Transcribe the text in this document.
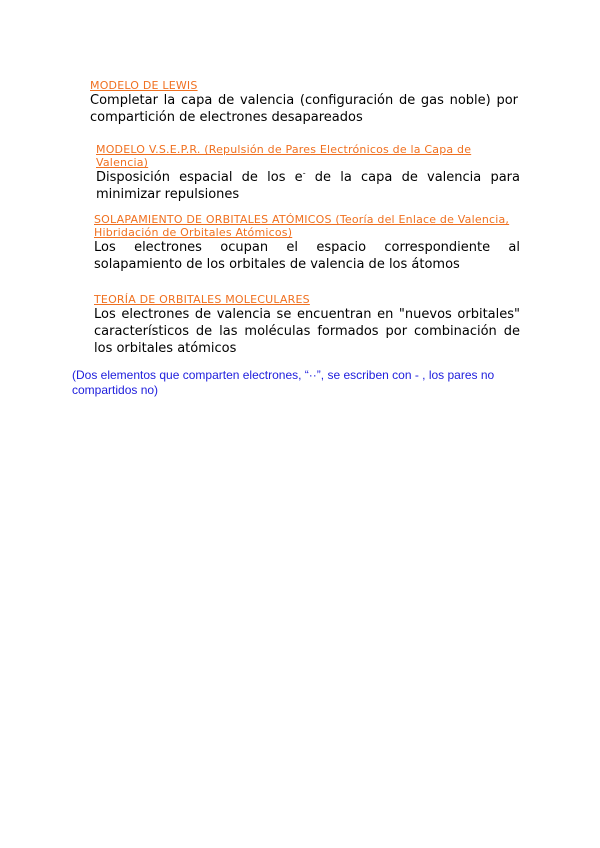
MODELO DE LEWIS
Completar la capa de valencia (configuración de gas noble) por compartición de electrones desapareados
MODELO V.S.E.P.R. (Repulsión de Pares Electrónicos de la Capa de Valencia)
Disposición espacial de los e- de la capa de valencia para minimizar repulsiones
SOLAPAMIENTO DE ORBITALES ATÓMICOS (Teoría del Enlace de Valencia, Hibridación de Orbitales Atómicos)
Los electrones ocupan el espacio correspondiente al solapamiento de los orbitales de valencia de los átomos
TEORÍA DE ORBITALES MOLECULARES
Los electrones de valencia se encuentran en "nuevos orbitales" característicos de las moléculas formados por combinación de los orbitales atómicos
(Dos elementos que comparten electrones, “··”, se escriben con - , los pares no compartidos no)
